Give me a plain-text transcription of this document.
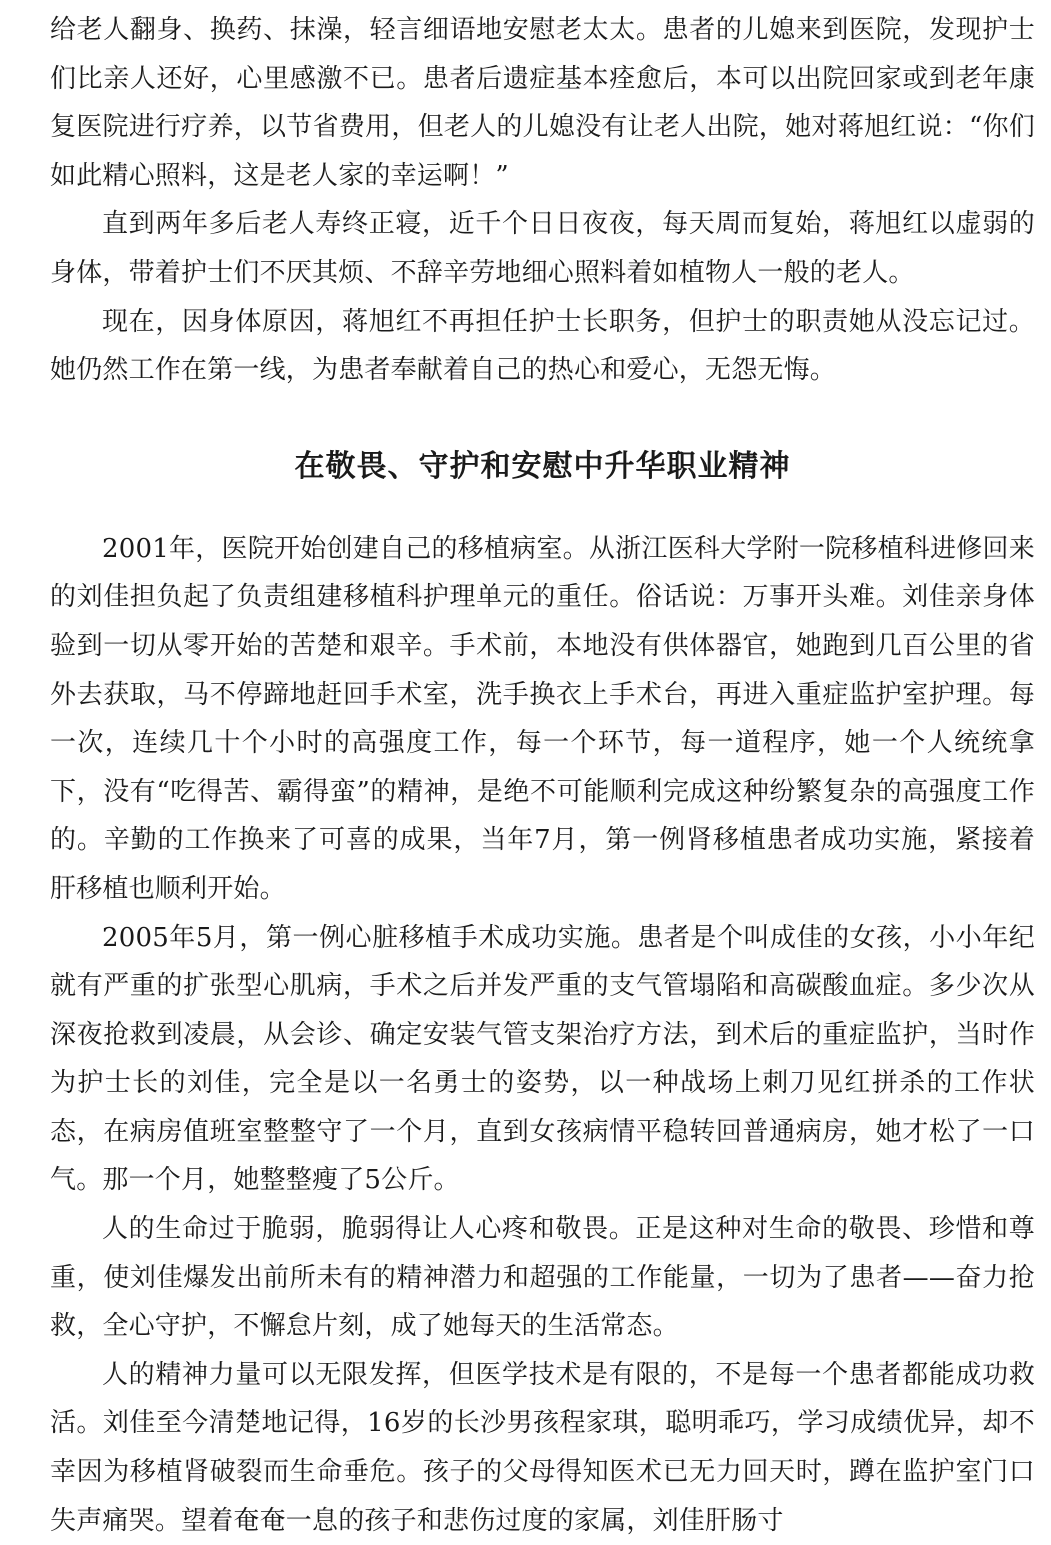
给老人翻身、换药、抹澡，轻言细语地安慰老太太。患者的儿媳来到医院，发现护士们比亲人还好，心里感激不已。患者后遗症基本痊愈后，本可以出院回家或到老年康复医院进行疗养，以节省费用，但老人的儿媳没有让老人出院，她对蒋旭红说：“你们如此精心照料，这是老人家的幸运啊！”

直到两年多后老人寿终正寝，近千个日日夜夜，每天周而复始，蒋旭红以虚弱的身体，带着护士们不厌其烦、不辞辛劳地细心照料着如植物人一般的老人。

现在，因身体原因，蒋旭红不再担任护士长职务，但护士的职责她从没忘记过。她仍然工作在第一线，为患者奉献着自己的热心和爱心，无怨无悔。

在敬畏、守护和安慰中升华职业精神

2001年，医院开始创建自己的移植病室。从浙江医科大学附一院移植科进修回来的刘佳担负起了负责组建移植科护理单元的重任。俗话说：万事开头难。刘佳亲身体验到一切从零开始的苦楚和艰辛。手术前，本地没有供体器官，她跑到几百公里的省外去获取，马不停蹄地赶回手术室，洗手换衣上手术台，再进入重症监护室护理。每一次，连续几十个小时的高强度工作，每一个环节，每一道程序，她一个人统统拿下，没有“吃得苦、霸得蛮”的精神，是绝不可能顺利完成这种纷繁复杂的高强度工作的。辛勤的工作换来了可喜的成果，当年7月，第一例肾移植患者成功实施，紧接着肝移植也顺利开始。

2005年5月，第一例心脏移植手术成功实施。患者是个叫成佳的女孩，小小年纪就有严重的扩张型心肌病，手术之后并发严重的支气管塌陷和高碳酸血症。多少次从深夜抢救到凌晨，从会诊、确定安装气管支架治疗方法，到术后的重症监护，当时作为护士长的刘佳，完全是以一名勇士的姿势，以一种战场上刺刀见红拼杀的工作状态，在病房值班室整整守了一个月，直到女孩病情平稳转回普通病房，她才松了一口气。那一个月，她整整瘦了5公斤。

人的生命过于脆弱，脆弱得让人心疼和敬畏。正是这种对生命的敬畏、珍惜和尊重，使刘佳爆发出前所未有的精神潜力和超强的工作能量，一切为了患者——奋力抢救，全心守护，不懈怠片刻，成了她每天的生活常态。

人的精神力量可以无限发挥，但医学技术是有限的，不是每一个患者都能成功救活。刘佳至今清楚地记得，16岁的长沙男孩程家琪，聪明乖巧，学习成绩优异，却不幸因为移植肾破裂而生命垂危。孩子的父母得知医术已无力回天时，蹲在监护室门口失声痛哭。望着奄奄一息的孩子和悲伤过度的家属，刘佳肝肠寸
